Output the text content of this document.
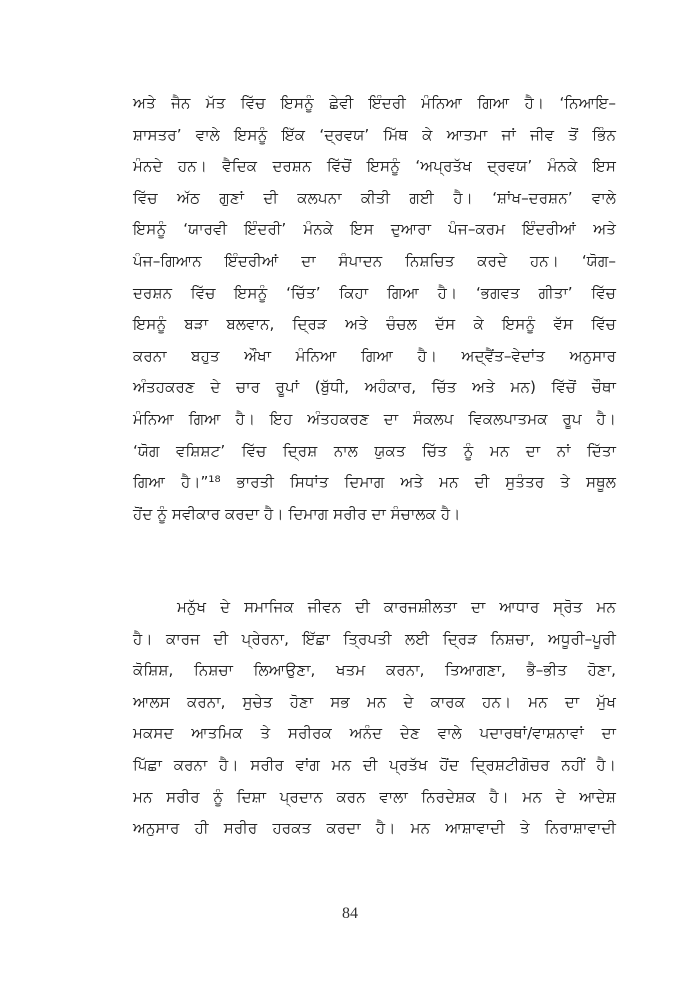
ਅਤੇ ਜੈਨ ਮੱਤ ਵਿੱਚ ਇਸਨੂੰ ਛੇਵੀ ਇੰਦਰੀ ਮੰਨਿਆ ਗਿਆ ਹੈ। ‘ਨਿਆਇ–
ਸ਼ਾਸਤਰ’ ਵਾਲੇ ਇਸਨੂੰ ਇੱਕ ‘ਦ੍ਰਵਯ’ ਮਿੱਥ ਕੇ ਆਤਮਾ ਜਾਂ ਜੀਵ ਤੋਂ ਭਿੰਨ
ਮੰਨਦੇ ਹਨ। ਵੈਦਿਕ ਦਰਸ਼ਨ ਵਿੱਚੋਂ ਇਸਨੂੰ ‘ਅਪ੍ਰਤੱਖ ਦ੍ਰਵਯ’ ਮੰਨਕੇ ਇਸ
ਵਿੱਚ ਅੱਠ ਗੁਣਾਂ ਦੀ ਕਲਪਨਾ ਕੀਤੀ ਗਈ ਹੈ। ‘ਸ਼ਾਂਖ–ਦਰਸ਼ਨ’ ਵਾਲੇ
ਇਸਨੂੰ ‘ਯਾਰਵੀ ਇੰਦਰੀ’ ਮੰਨਕੇ ਇਸ ਦੁਆਰਾ ਪੰਜ–ਕਰਮ ਇੰਦਰੀਆਂ ਅਤੇ
ਪੰਜ–ਗਿਆਨ ਇੰਦਰੀਆਂ ਦਾ ਸੰਪਾਦਨ ਨਿਸ਼ਚਿਤ ਕਰਦੇ ਹਨ। ‘ਯੋਗ–
ਦਰਸ਼ਨ ਵਿੱਚ ਇਸਨੂੰ ‘ਚਿੱਤ’ ਕਿਹਾ ਗਿਆ ਹੈ। ‘ਭਗਵਤ ਗੀਤਾ’ ਵਿੱਚ
ਇਸਨੂੰ ਬੜਾ ਬਲਵਾਨ, ਦ੍ਰਿੜ ਅਤੇ ਚੰਚਲ ਦੱਸ ਕੇ ਇਸਨੂੰ ਵੱਸ ਵਿੱਚ
ਕਰਨਾ ਬਹੁਤ ਔਖਾ ਮੰਨਿਆ ਗਿਆ ਹੈ। ਅਦ੍ਵੈਂਤ–ਵੇਦਾਂਤ ਅਨੁਸਾਰ
ਅੰਤਹਕਰਣ ਦੇ ਚਾਰ ਰੂਪਾਂ (ਬੁੱਧੀ, ਅਹੰਕਾਰ, ਚਿੱਤ ਅਤੇ ਮਨ) ਵਿੱਚੋਂ ਚੌਥਾ
ਮੰਨਿਆ ਗਿਆ ਹੈ। ਇਹ ਅੰਤਹਕਰਣ ਦਾ ਸੰਕਲਪ ਵਿਕਲਪਾਤਮਕ ਰੂਪ ਹੈ।
‘ਯੋਗ ਵਸ਼ਿਸ਼ਟ’ ਵਿੱਚ ਦ੍ਰਿਸ਼ ਨਾਲ ਯੁਕਤ ਚਿੱਤ ਨੂੰ ਮਨ ਦਾ ਨਾਂ ਦਿੱਤਾ
ਗਿਆ ਹੈ।”¹⁸ ਭਾਰਤੀ ਸਿਧਾਂਤ ਦਿਮਾਗ ਅਤੇ ਮਨ ਦੀ ਸੁਤੰਤਰ ਤੇ ਸਥੂਲ
ਹੋਂਦ ਨੂੰ ਸਵੀਕਾਰ ਕਰਦਾ ਹੈ। ਦਿਮਾਗ ਸਰੀਰ ਦਾ ਸੰਚਾਲਕ ਹੈ।
ਮਨੁੱਖ ਦੇ ਸਮਾਜਿਕ ਜੀਵਨ ਦੀ ਕਾਰਜਸ਼ੀਲਤਾ ਦਾ ਆਧਾਰ ਸ੍ਰੋਤ ਮਨ
ਹੈ। ਕਾਰਜ ਦੀ ਪ੍ਰੇਰਨਾ, ਇੱਛਾ ਤ੍ਰਿਪਤੀ ਲਈ ਦ੍ਰਿੜ ਨਿਸ਼ਚਾ, ਅਧੂਰੀ–ਪੂਰੀ
ਕੋਸ਼ਿਸ਼, ਨਿਸ਼ਚਾ ਲਿਆਉਣਾ, ਖਤਮ ਕਰਨਾ, ਤਿਆਗਣਾ, ਭੈ–ਭੀਤ ਹੋਣਾ,
ਆਲਸ ਕਰਨਾ, ਸੁਚੇਤ ਹੋਣਾ ਸਭ ਮਨ ਦੇ ਕਾਰਕ ਹਨ। ਮਨ ਦਾ ਮੁੱਖ
ਮਕਸਦ ਆਤਮਿਕ ਤੇ ਸਰੀਰਕ ਅਨੰਦ ਦੇਣ ਵਾਲੇ ਪਦਾਰਥਾਂ/ਵਾਸ਼ਨਾਵਾਂ ਦਾ
ਪਿੱਛਾ ਕਰਨਾ ਹੈ। ਸਰੀਰ ਵਾਂਗ ਮਨ ਦੀ ਪ੍ਰਤੱਖ ਹੋਂਦ ਦ੍ਰਿਸ਼ਟੀਗੋਚਰ ਨਹੀਂ ਹੈ।
ਮਨ ਸਰੀਰ ਨੂੰ ਦਿਸ਼ਾ ਪ੍ਰਦਾਨ ਕਰਨ ਵਾਲਾ ਨਿਰਦੇਸ਼ਕ ਹੈ। ਮਨ ਦੇ ਆਦੇਸ਼
ਅਨੁਸਾਰ ਹੀ ਸਰੀਰ ਹਰਕਤ ਕਰਦਾ ਹੈ। ਮਨ ਆਸ਼ਾਵਾਦੀ ਤੇ ਨਿਰਾਸ਼ਾਵਾਦੀ
84
